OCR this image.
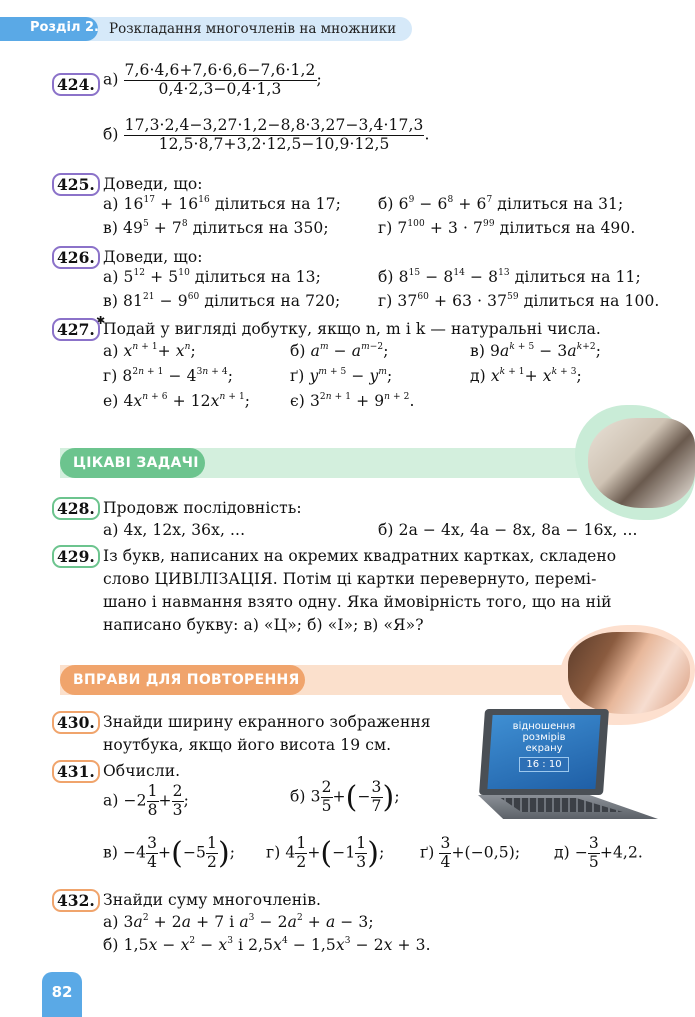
Розділ 2. Розкладання многочленів на множники
424. $а) \frac{7,6\cdot 4,6+7,6\cdot 6,6-7,6\cdot 1,2}{0,4\cdot 2,3-0,4\cdot 1,3}$ ;
$б) \frac{17,3\cdot 2,4-3,27\cdot 1,2-8,8\cdot 3,27-3,4\cdot 17,3}{12,5\cdot 8,7+3,2\cdot 12,5-10,9\cdot 12,5}$ .
425. Доведи, що:
а) $16^{17} + 16^{16}$ ділиться на 17; б) $6^9 - 6^8 + 6^7$ ділиться на 31;
в) $49^5 + 7^8$ ділиться на 350;	г) $7^{100} + 3 \cdot 7^{99}$ ділиться на 490.
426. Доведи, що:
а) $5^{12} + 5^{10}$ ділиться на 13;	б) $8^{15} - 8^{14} - 8^{13}$ ділиться на 11;
в) $81^{21} - 9^{60}$ ділиться на 720; г) $37^{60} + 63 \cdot 37^{59}$ ділиться на 100.
✱
427. Подай у вигляді добутку, якщо n, m і k — натуральні числа.
а) $x^{n + 1}+ x^n$;	б) $a^m - a^{m-2}$;	в) $9a^{k + 5} - 3a^{k+2}$;
г) $8^{2n + 1} - 4^{3n + 4}$;	ґ) $y^{m + 5} - y^m$;	д) $x^{k + 1}+ x^{k + 3}$;
е) $4x^{n + 6} + 12x^{n + 1}$;	є) $3^{2n + 1} + 9^{n + 2}$.
ЦІКАВІ ЗАДАЧІ
428. Продовж послідовність:
а) 4x, 12x, 36x, ...	б) 2a − 4x, 4a − 8x, 8a − 16x, ...
429. Із букв, написаних на окремих квадратних картках, складено
слово ЦИВІЛІЗАЦІЯ. Потім ці картки перевернуто, перемі-
шано і навмання взято одну. Яка ймовірність того, що на ній
написано букву: а) «Ц»; б) «І»; в) «Я»?
ВПРАВИ ДЛЯ ПОВТОРЕННЯ
430. Знайди ширину екранного зображення
ноутбука, якщо його висота 19 см.
відношення
розмірів
екрану
16 : 10
431. Обчисли.
$а) -2 \frac{1}{8} + \frac{2}{3}$ ;	б) $3 \frac{2}{5}$ +(− $\frac{3}{7}$ );
$в) -4 \frac{3}{4} +(-5 \frac{1}{2}$ ); г) $4 \frac{1}{2} +(-1 \frac{1}{3}$ ); $ґ) \frac{3}{4} +(-0,5)$; $д) - \frac{3}{5} +4,2$.
432. Знайди суму многочленів.
а) $3a^2 + 2a + 7$ і $a^3 - 2a^2 + a - 3$;
б) $1,5x - x^2 - x^3$ і $2,5x^4 - 1,5x^3 - 2x + 3$.
82
